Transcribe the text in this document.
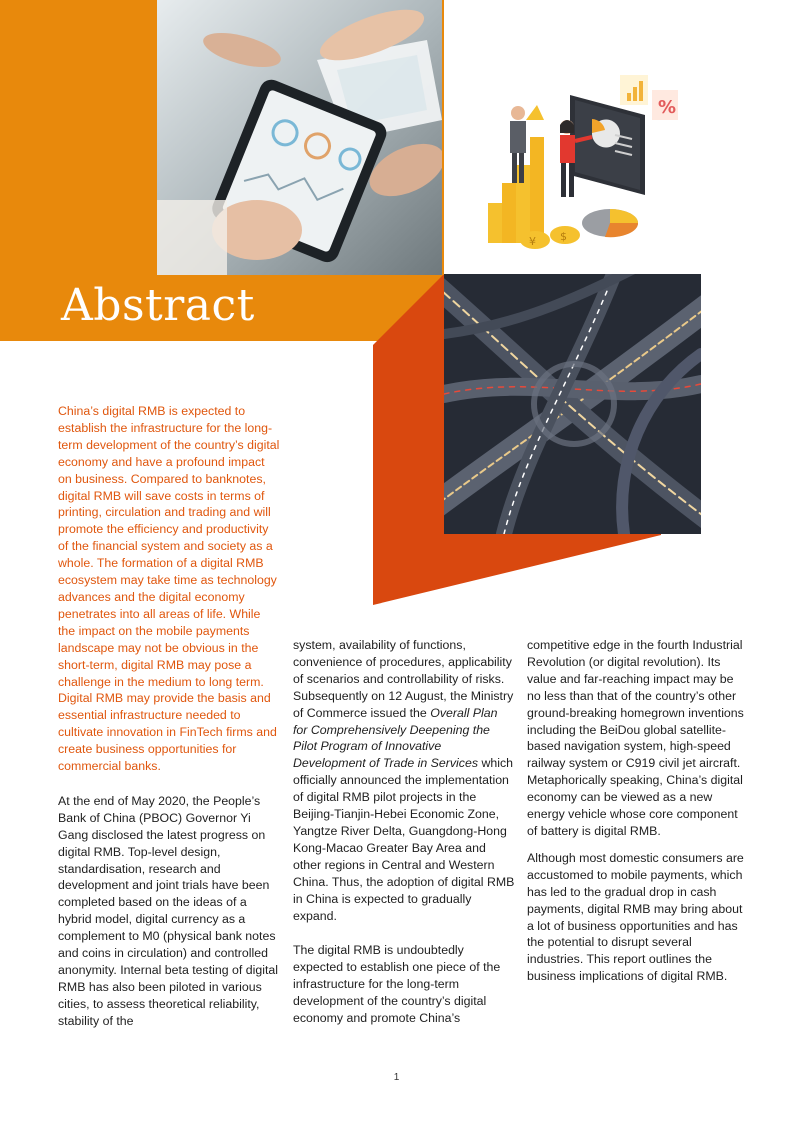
%
¥ $
Abstract

China’s digital RMB is expected to establish the infrastructure for the long-term development of the country’s digital economy and have a profound impact on business. Compared to banknotes, digital RMB will save costs in terms of printing, circulation and trading and will promote the efficiency and productivity of the financial system and society as a whole. The formation of a digital RMB ecosystem may take time as technology advances and the digital economy penetrates into all areas of life. While the impact on the mobile payments landscape may not be obvious in the short-term, digital RMB may pose a challenge in the medium to long term. Digital RMB may provide the basis and essential infrastructure needed to cultivate innovation in FinTech firms and create business opportunities for commercial banks.

At the end of May 2020, the People’s Bank of China (PBOC) Governor Yi Gang disclosed the latest progress on digital RMB. Top-level design, standardisation, research and development and joint trials have been completed based on the ideas of a hybrid model, digital currency as a complement to M0 (physical bank notes and coins in circulation) and controlled anonymity. Internal beta testing of digital RMB has also been piloted in various cities, to assess theoretical reliability, stability of the

system, availability of functions, convenience of procedures, applicability of scenarios and controllability of risks. Subsequently on 12 August, the Ministry of Commerce issued the Overall Plan for Comprehensively Deepening the Pilot Program of Innovative Development of Trade in Services which officially announced the implementation of digital RMB pilot projects in the Beijing-Tianjin-Hebei Economic Zone, Yangtze River Delta, Guangdong-Hong Kong-Macao Greater Bay Area and other regions in Central and Western China. Thus, the adoption of digital RMB in China is expected to gradually expand.

The digital RMB is undoubtedly expected to establish one piece of the infrastructure for the long-term development of the country’s digital economy and promote China’s

competitive edge in the fourth Industrial Revolution (or digital revolution). Its value and far-reaching impact may be no less than that of the country’s other ground-breaking homegrown inventions including the BeiDou global satellite-based navigation system, high-speed railway system or C919 civil jet aircraft. Metaphorically speaking, China’s digital economy can be viewed as a new energy vehicle whose core component of battery is digital RMB.

Although most domestic consumers are accustomed to mobile payments, which has led to the gradual drop in cash payments, digital RMB may bring about a lot of business opportunities and has the potential to disrupt several industries. This report outlines the business implications of digital RMB.

1
